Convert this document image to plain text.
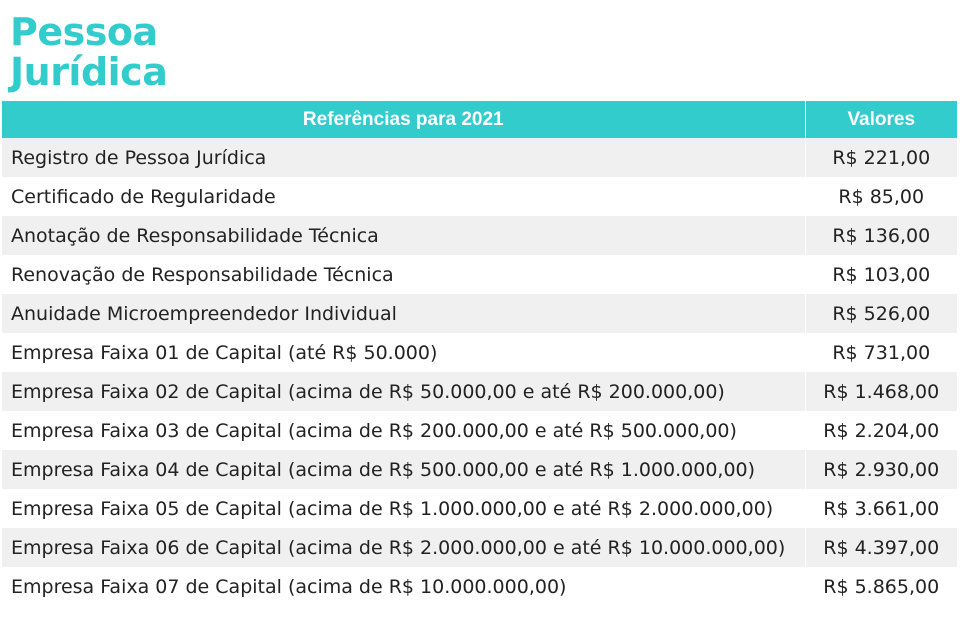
Pessoa
Jurídica
Referências para 2021	Valores
Registro de Pessoa Jurídica	R$ 221,00
Certificado de Regularidade	R$ 85,00
Anotação de Responsabilidade Técnica	R$ 136,00
Renovação de Responsabilidade Técnica	R$ 103,00
Anuidade Microempreendedor Individual	R$ 526,00
Empresa Faixa 01 de Capital (até R$ 50.000)	R$ 731,00
Empresa Faixa 02 de Capital (acima de R$ 50.000,00 e até R$ 200.000,00)	R$ 1.468,00
Empresa Faixa 03 de Capital (acima de R$ 200.000,00 e até R$ 500.000,00)	R$ 2.204,00
Empresa Faixa 04 de Capital (acima de R$ 500.000,00 e até R$ 1.000.000,00)	R$ 2.930,00
Empresa Faixa 05 de Capital (acima de R$ 1.000.000,00 e até R$ 2.000.000,00)	R$ 3.661,00
Empresa Faixa 06 de Capital (acima de R$ 2.000.000,00 e até R$ 10.000.000,00)	R$ 4.397,00
Empresa Faixa 07 de Capital (acima de R$ 10.000.000,00)	R$ 5.865,00
